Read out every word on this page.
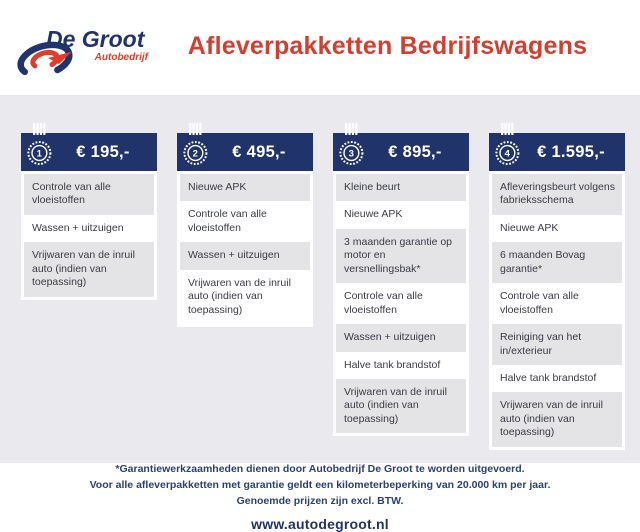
De Groot
Autobedrijf	Afleverpakketten Bedrijfswagens
1 € 195,-
Controle van alle vloeistoffen
Wassen + uitzuigen
Vrijwaren van de inruil auto (indien van toepassing)
2 € 495,-
Nieuwe APK
Controle van alle vloeistoffen
Wassen + uitzuigen
Vrijwaren van de inruil auto (indien van toepassing)
3 € 895,-
Kleine beurt
Nieuwe APK
3 maanden garantie op motor en versnellingsbak*
Controle van alle vloeistoffen
Wassen + uitzuigen
Halve tank brandstof
Vrijwaren van de inruil auto (indien van toepassing)
4 € 1.595,-
Afleveringsbeurt volgens fabrieksschema
Nieuwe APK
6 maanden Bovag garantie*
Controle van alle vloeistoffen
Reiniging van het in/exterieur
Halve tank brandstof
Vrijwaren van de inruil auto (indien van toepassing)

*Garantiewerkzaamheden dienen door Autobedrijf De Groot te worden uitgevoerd.

Voor alle afleverpakketten met garantie geldt een kilometerbeperking van 20.000 km per jaar.

Genoemde prijzen zijn excl. BTW.

www.autodegroot.nl
